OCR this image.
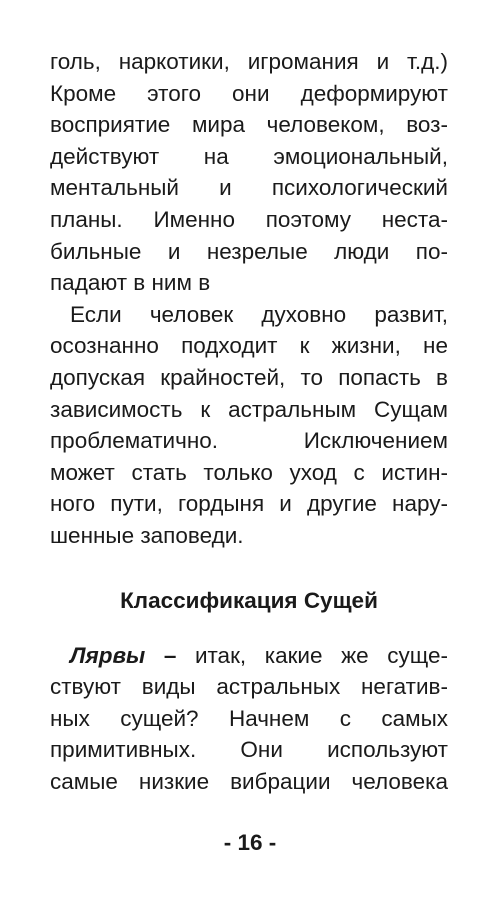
голь, наркотики, игромания и т.д.)
Кроме этого они деформируют
восприятие мира человеком, воз-
действуют на эмоциональный,
ментальный и психологический
планы. Именно поэтому неста-
бильные и незрелые люди по-
падают в ним в
Если человек духовно развит,
осознанно подходит к жизни, не
допуская крайностей, то попасть в
зависимость к астральным Сущам
проблематично. Исключением
может стать только уход с истин-
ного пути, гордыня и другие нару-
шенные заповеди.
Классификация Сущей
Лярвы – итак, какие же суще-
ствуют виды астральных негатив-
ных сущей? Начнем с самых
примитивных. Они используют
самые низкие вибрации человека
- 16 -
